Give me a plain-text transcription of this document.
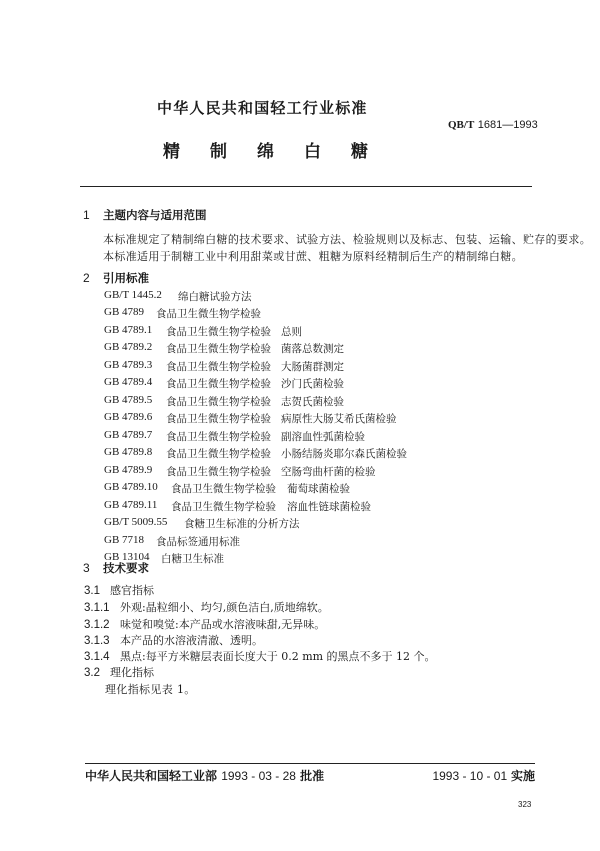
中华人民共和国轻工行业标准
QB/T 1681—1993
精 制 绵 白 糖
1 主题内容与适用范围
本标准规定了精制绵白糖的技术要求、试验方法、检验规则以及标志、包装、运输、贮存的要求。
本标准适用于制糖工业中利用甜菜或甘蔗、粗糖为原料经精制后生产的精制绵白糖。
2 引用标准
GB/T 1445.2 绵白糖试验方法
GB 4789 食品卫生微生物学检验
GB 4789.1 食品卫生微生物学检验 总则
GB 4789.2 食品卫生微生物学检验 菌落总数测定
GB 4789.3 食品卫生微生物学检验 大肠菌群测定
GB 4789.4 食品卫生微生物学检验 沙门氏菌检验
GB 4789.5 食品卫生微生物学检验 志贺氏菌检验
GB 4789.6 食品卫生微生物学检验 病原性大肠艾希氏菌检验
GB 4789.7 食品卫生微生物学检验 副溶血性弧菌检验
GB 4789.8 食品卫生微生物学检验 小肠结肠炎耶尔森氏菌检验
GB 4789.9 食品卫生微生物学检验 空肠弯曲杆菌的检验
GB 4789.10 食品卫生微生物学检验 葡萄球菌检验
GB 4789.11 食品卫生微生物学检验 溶血性链球菌检验
GB/T 5009.55 食糖卫生标准的分析方法
GB 7718 食品标签通用标准
GB 13104 白糖卫生标准
3 技术要求
3.1 感官指标
3.1.1 外观:晶粒细小、均匀,颜色洁白,质地绵软。
3.1.2 味觉和嗅觉:本产品或水溶液味甜,无异味。
3.1.3 本产品的水溶液清澈、透明。
3.1.4 黑点:每平方米糖层表面长度大于 0.2 mm 的黑点不多于 12 个。
3.2 理化指标
理化指标见表 1。
中华人民共和国轻工业部 1993 - 03 - 28 批准	1993 - 10 - 01 实施
323
